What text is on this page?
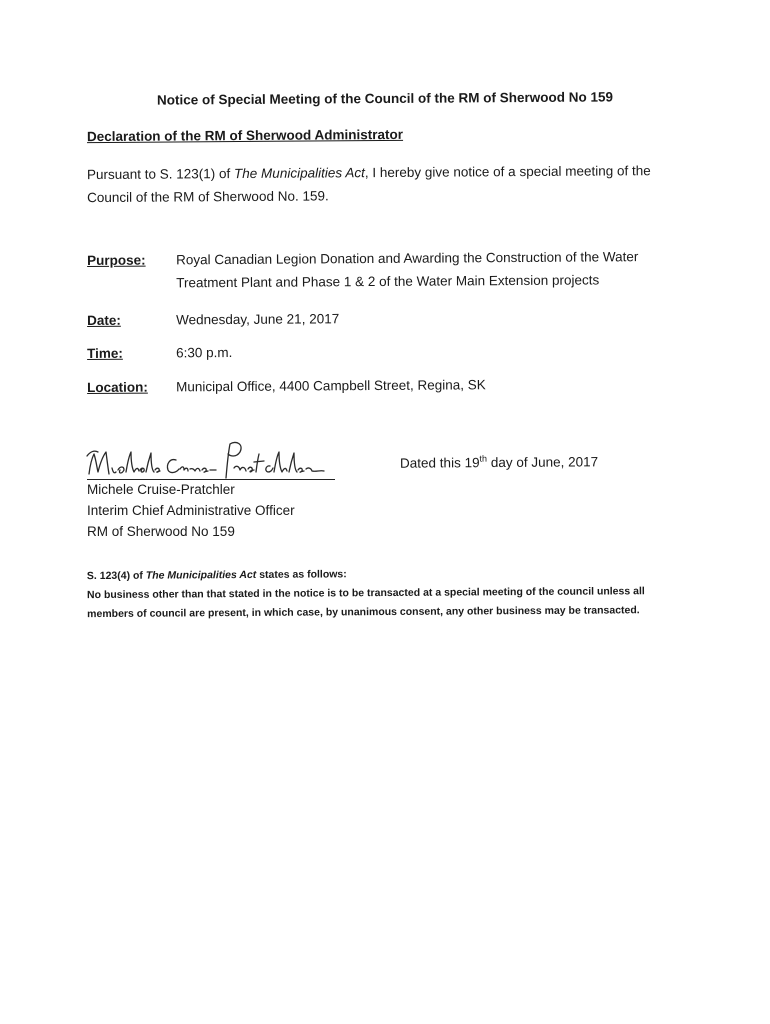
Notice of Special Meeting of the Council of the RM of Sherwood No 159
Declaration of the RM of Sherwood Administrator
Pursuant to S. 123(1) of The Municipalities Act, I hereby give notice of a special meeting of the Council of the RM of Sherwood No. 159.
Purpose: Royal Canadian Legion Donation and Awarding the Construction of the Water Treatment Plant and Phase 1 & 2 of the Water Main Extension projects
Date:	Wednesday, June 21, 2017
Time:	6:30 p.m.
Location: Municipal Office, 4400 Campbell Street, Regina, SK
Dated this 19th day of June, 2017
Michele Cruise-Pratchler
Interim Chief Administrative Officer
RM of Sherwood No 159
S. 123(4) of The Municipalities Act states as follows:
No business other than that stated in the notice is to be transacted at a special meeting of the council unless all members of council are present, in which case, by unanimous consent, any other business may be transacted.
